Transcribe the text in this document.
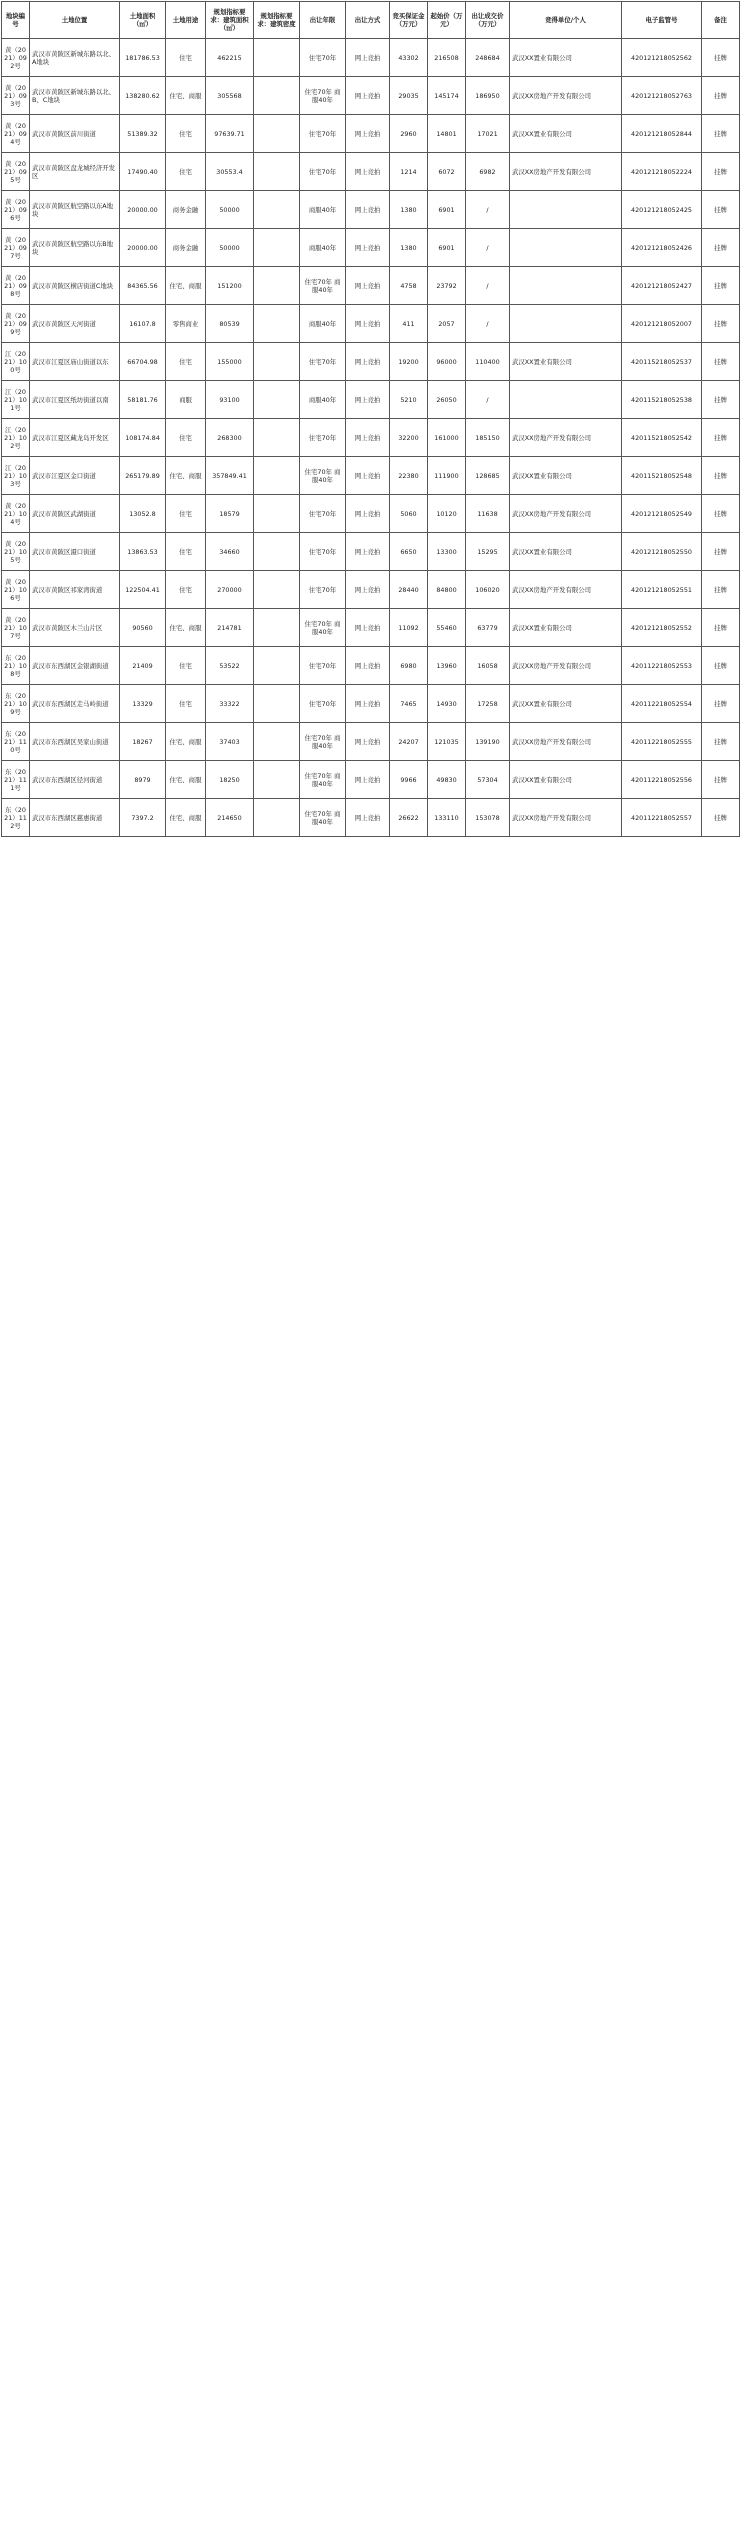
地块编号	土地位置	土地面积（㎡）	土地用途	规划指标要求：建筑面积（㎡）	规划指标要求：建筑密度	出让年限	出让方式	竞买保证金（万元）	起始价（万元）	出让成交价（万元）	竞得单位/个人	电子监管号	备注
黄（2021）092号	武汉市黄陂区新城东路以北、A地块	181786.53	住宅	462215		住宅70年	网上竞拍	43302	216508	248684	武汉XX置业有限公司	420121218052562	挂牌
黄（2021）093号	武汉市黄陂区新城东路以北、B、C地块	138280.62	住宅、商服	305568		住宅70年 商服40年	网上竞拍	29035	145174	186950	武汉XX房地产开发有限公司	420121218052763	挂牌
黄（2021）094号	武汉市黄陂区前川街道	51389.32	住宅	97639.71		住宅70年	网上竞拍	2960	14801	17021	武汉XX置业有限公司	420121218052844	挂牌
黄（2021）095号	武汉市黄陂区盘龙城经济开发区	17490.40	住宅	30553.4		住宅70年	网上竞拍	1214	6072	6982	武汉XX房地产开发有限公司	420121218052224	挂牌
黄（2021）096号	武汉市黄陂区航空路以东A地块	20000.00	商务金融	50000		商服40年	网上竞拍	1380	6901	/		420121218052425	挂牌
黄（2021）097号	武汉市黄陂区航空路以东B地块	20000.00	商务金融	50000		商服40年	网上竞拍	1380	6901	/		420121218052426	挂牌
黄（2021）098号	武汉市黄陂区横店街道C地块	84365.56	住宅、商服	151200		住宅70年 商服40年	网上竞拍	4758	23792	/		420121218052427	挂牌
黄（2021）099号	武汉市黄陂区天河街道	16107.8	零售商业	80539		商服40年	网上竞拍	411	2057	/		420121218052007	挂牌
江（2021）100号	武汉市江夏区庙山街道以东	66704.98	住宅	155000		住宅70年	网上竞拍	19200	96000	110400	武汉XX置业有限公司	420115218052537	挂牌
江（2021）101号	武汉市江夏区纸坊街道以南	58181.76	商服	93100		商服40年	网上竞拍	5210	26050	/		420115218052538	挂牌
江（2021）102号	武汉市江夏区藏龙岛开发区	108174.84	住宅	268300		住宅70年	网上竞拍	32200	161000	185150	武汉XX房地产开发有限公司	420115218052542	挂牌
江（2021）103号	武汉市江夏区金口街道	265179.89	住宅、商服	357849.41		住宅70年 商服40年	网上竞拍	22380	111900	128685	武汉XX置业有限公司	420115218052548	挂牌
黄（2021）104号	武汉市黄陂区武湖街道	13052.8	住宅	18579		住宅70年	网上竞拍	5060	10120	11638	武汉XX房地产开发有限公司	420121218052549	挂牌
黄（2021）105号	武汉市黄陂区滠口街道	13863.53	住宅	34660		住宅70年	网上竞拍	6650	13300	15295	武汉XX置业有限公司	420121218052550	挂牌
黄（2021）106号	武汉市黄陂区祁家湾街道	122504.41	住宅	270000		住宅70年	网上竞拍	28440	84800	106020	武汉XX房地产开发有限公司	420121218052551	挂牌
黄（2021）107号	武汉市黄陂区木兰山片区	90560	住宅、商服	214781		住宅70年 商服40年	网上竞拍	11092	55460	63779	武汉XX置业有限公司	420121218052552	挂牌
东（2021）108号	武汉市东西湖区金银湖街道	21409	住宅	53522		住宅70年	网上竞拍	6980	13960	16058	武汉XX房地产开发有限公司	420112218052553	挂牌
东（2021）109号	武汉市东西湖区走马岭街道	13329	住宅	33322		住宅70年	网上竞拍	7465	14930	17258	武汉XX置业有限公司	420112218052554	挂牌
东（2021）110号	武汉市东西湖区吴家山街道	18267	住宅、商服	37403		住宅70年 商服40年	网上竞拍	24207	121035	139190	武汉XX房地产开发有限公司	420112218052555	挂牌
东（2021）111号	武汉市东西湖区径河街道	8979	住宅、商服	18250		住宅70年 商服40年	网上竞拍	9966	49830	57304	武汉XX置业有限公司	420112218052556	挂牌
东（2021）112号	武汉市东西湖区慈惠街道	7397.2	住宅、商服	214650		住宅70年 商服40年	网上竞拍	26622	133110	153078	武汉XX房地产开发有限公司	420112218052557	挂牌
